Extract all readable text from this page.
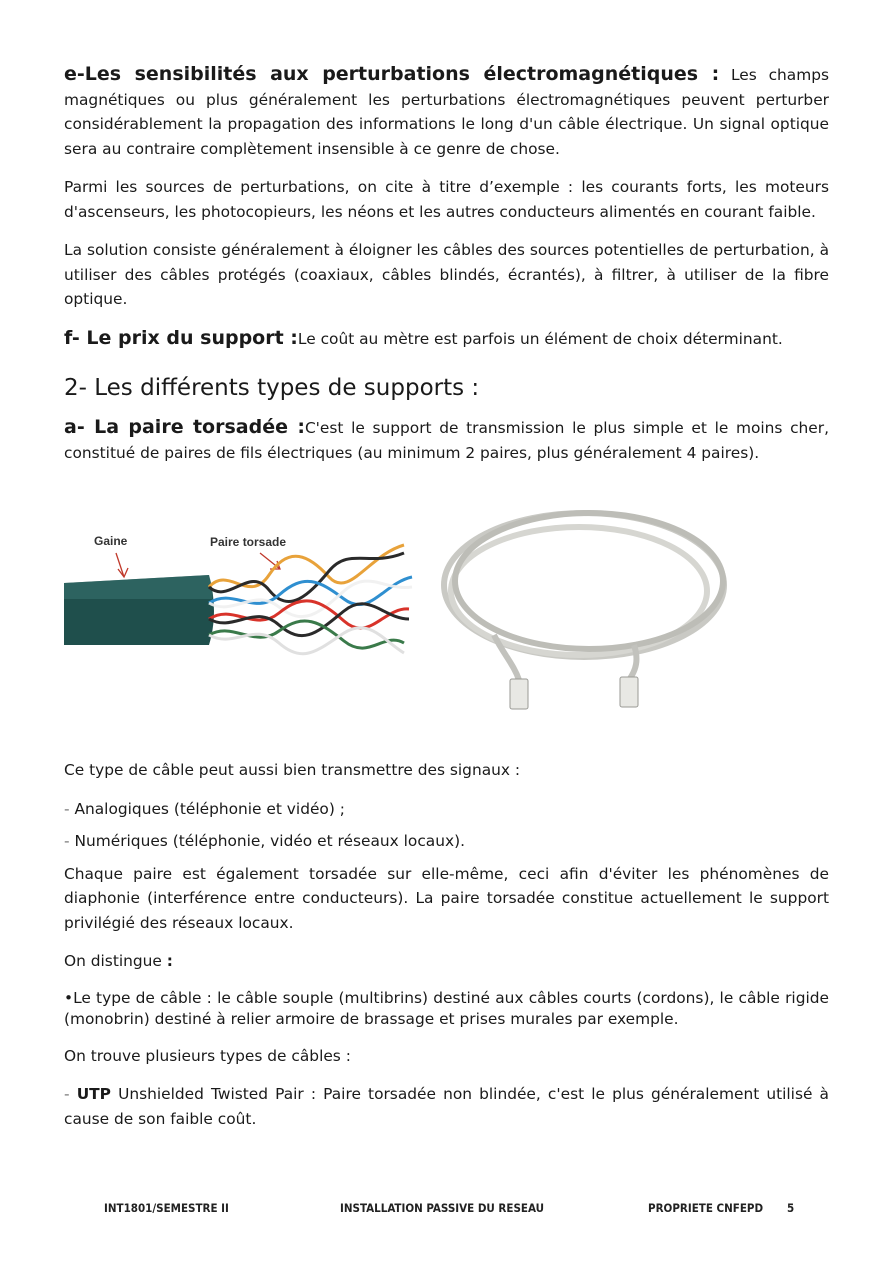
e-Les sensibilités aux perturbations électromagnétiques : Les champs magnétiques ou plus généralement les perturbations électromagnétiques peuvent perturber considérablement la propagation des informations le long d'un câble électrique. Un signal optique sera au contraire complètement insensible à ce genre de chose.

Parmi les sources de perturbations, on cite à titre d’exemple : les courants forts, les moteurs d'ascenseurs, les photocopieurs, les néons et les autres conducteurs alimentés en courant faible.

La solution consiste généralement à éloigner les câbles des sources potentielles de perturbation, à utiliser des câbles protégés (coaxiaux, câbles blindés, écrantés), à filtrer, à utiliser de la fibre optique.

f- Le prix du support :Le coût au mètre est parfois un élément de choix déterminant.

2- Les différents types de supports :

a- La paire torsadée :C'est le support de transmission le plus simple et le moins cher, constitué de paires de fils électriques (au minimum 2 paires, plus généralement 4 paires).

Gaine	Paire torsade

Ce type de câble peut aussi bien transmettre des signaux :

- Analogiques (téléphonie et vidéo) ;

- Numériques (téléphonie, vidéo et réseaux locaux).

Chaque paire est également torsadée sur elle-même, ceci afin d'éviter les phénomènes de diaphonie (interférence entre conducteurs). La paire torsadée constitue actuellement le support privilégié des réseaux locaux.

On distingue :

•Le type de câble : le câble souple (multibrins) destiné aux câbles courts (cordons), le câble rigide (monobrin) destiné à relier armoire de brassage et prises murales par exemple.

On trouve plusieurs types de câbles :

- UTP Unshielded Twisted Pair : Paire torsadée non blindée, c'est le plus généralement utilisé à cause de son faible coût.

INT1801/SEMESTRE II	INSTALLATION PASSIVE DU RESEAU	PROPRIETE CNFEPD 5
